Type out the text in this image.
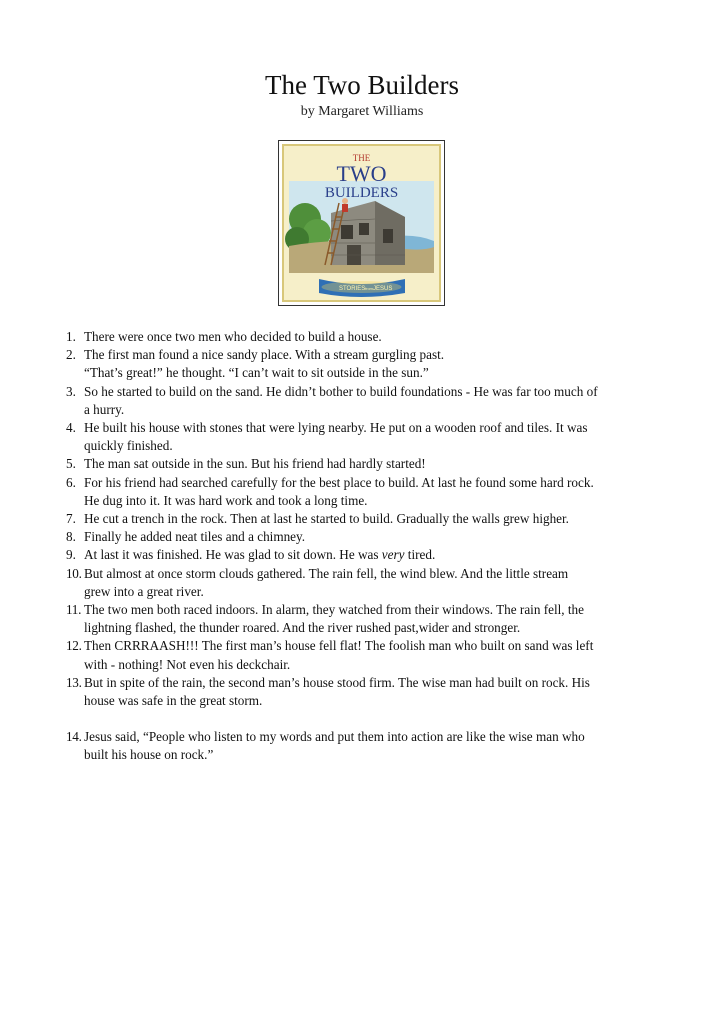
The Two Builders
by Margaret Williams
THE
TWO
BUILDERS
STORIES from JESUS
1. There were once two men who decided to build a house.
2. The first man found a nice sandy place. With a stream gurgling past.
“That’s great!” he thought. “I can’t wait to sit outside in the sun.”
3. So he started to build on the sand. He didn’t bother to build foundations - He was far too much of
a hurry.
4. He built his house with stones that were lying nearby. He put on a wooden roof and tiles. It was
quickly finished.
5. The man sat outside in the sun. But his friend had hardly started!
6. For his friend had searched carefully for the best place to build. At last he found some hard rock.
He dug into it. It was hard work and took a long time.
7. He cut a trench in the rock. Then at last he started to build. Gradually the walls grew higher.
8. Finally he added neat tiles and a chimney.
9. At last it was finished. He was glad to sit down. He was very tired.
10. But almost at once storm clouds gathered. The rain fell, the wind blew. And the little stream
grew into a great river.
11. The two men both raced indoors. In alarm, they watched from their windows. The rain fell, the
lightning flashed, the thunder roared. And the river rushed past,wider and stronger.
12. Then CRRRAASH!!! The first man’s house fell flat! The foolish man who built on sand was left
with - nothing! Not even his deckchair.
13. But in spite of the rain, the second man’s house stood firm. The wise man had built on rock. His
house was safe in the great storm.
14. Jesus said, “People who listen to my words and put them into action are like the wise man who
built his house on rock.”
